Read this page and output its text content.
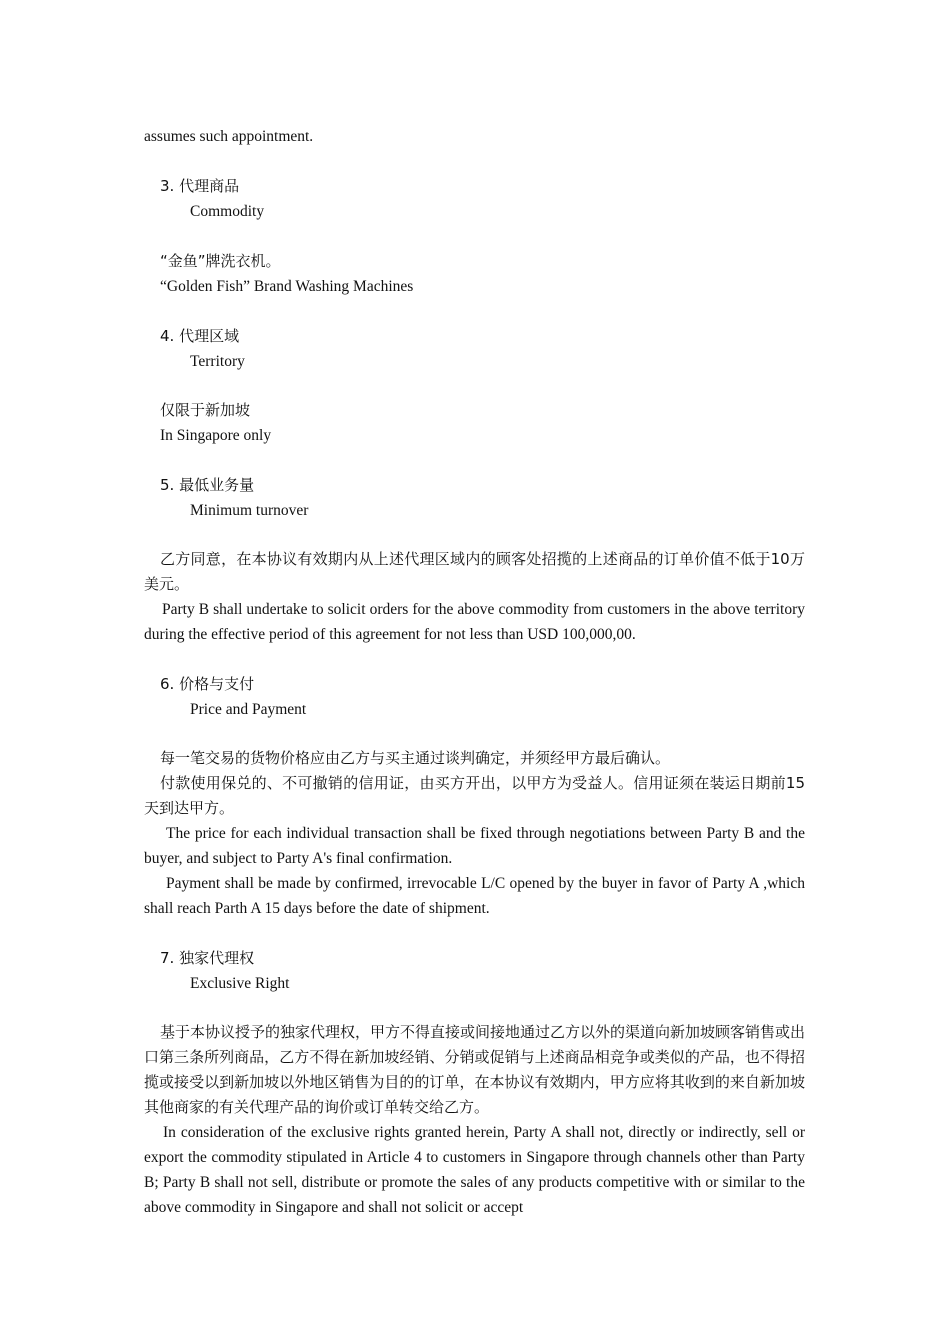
assumes such appointment.
3. 代理商品
Commodity
“金鱼”牌洗衣机。
“Golden Fish” Brand Washing Machines
4. 代理区域
Territory
仅限于新加坡
In Singapore only
5. 最低业务量
Minimum turnover
乙方同意，在本协议有效期内从上述代理区域内的顾客处招揽的上述商品的订单价值不低于10万美元。
Party B shall undertake to solicit orders for the above commodity from customers in the above territory during the effective period of this agreement for not less than USD 100,000,00.
6. 价格与支付
Price and Payment
每一笔交易的货物价格应由乙方与买主通过谈判确定，并须经甲方最后确认。
付款使用保兑的、不可撤销的信用证，由买方开出，以甲方为受益人。信用证须在装运日期前15天到达甲方。
The price for each individual transaction shall be fixed through negotiations between Party B and the buyer, and subject to Party A's final confirmation.
Payment shall be made by confirmed, irrevocable L/C opened by the buyer in favor of Party A ,which shall reach Parth A 15 days before the date of shipment.
7. 独家代理权
Exclusive Right
基于本协议授予的独家代理权，甲方不得直接或间接地通过乙方以外的渠道向新加坡顾客销售或出口第三条所列商品，乙方不得在新加坡经销、分销或促销与上述商品相竞争或类似的产品，也不得招揽或接受以到新加坡以外地区销售为目的的订单，在本协议有效期内，甲方应将其收到的来自新加坡其他商家的有关代理产品的询价或订单转交给乙方。
In consideration of the exclusive rights granted herein, Party A shall not, directly or indirectly, sell or export the commodity stipulated in Article 4 to customers in Singapore through channels other than Party B; Party B shall not sell, distribute or promote the sales of any products competitive with or similar to the above commodity in Singapore and shall not solicit or accept
